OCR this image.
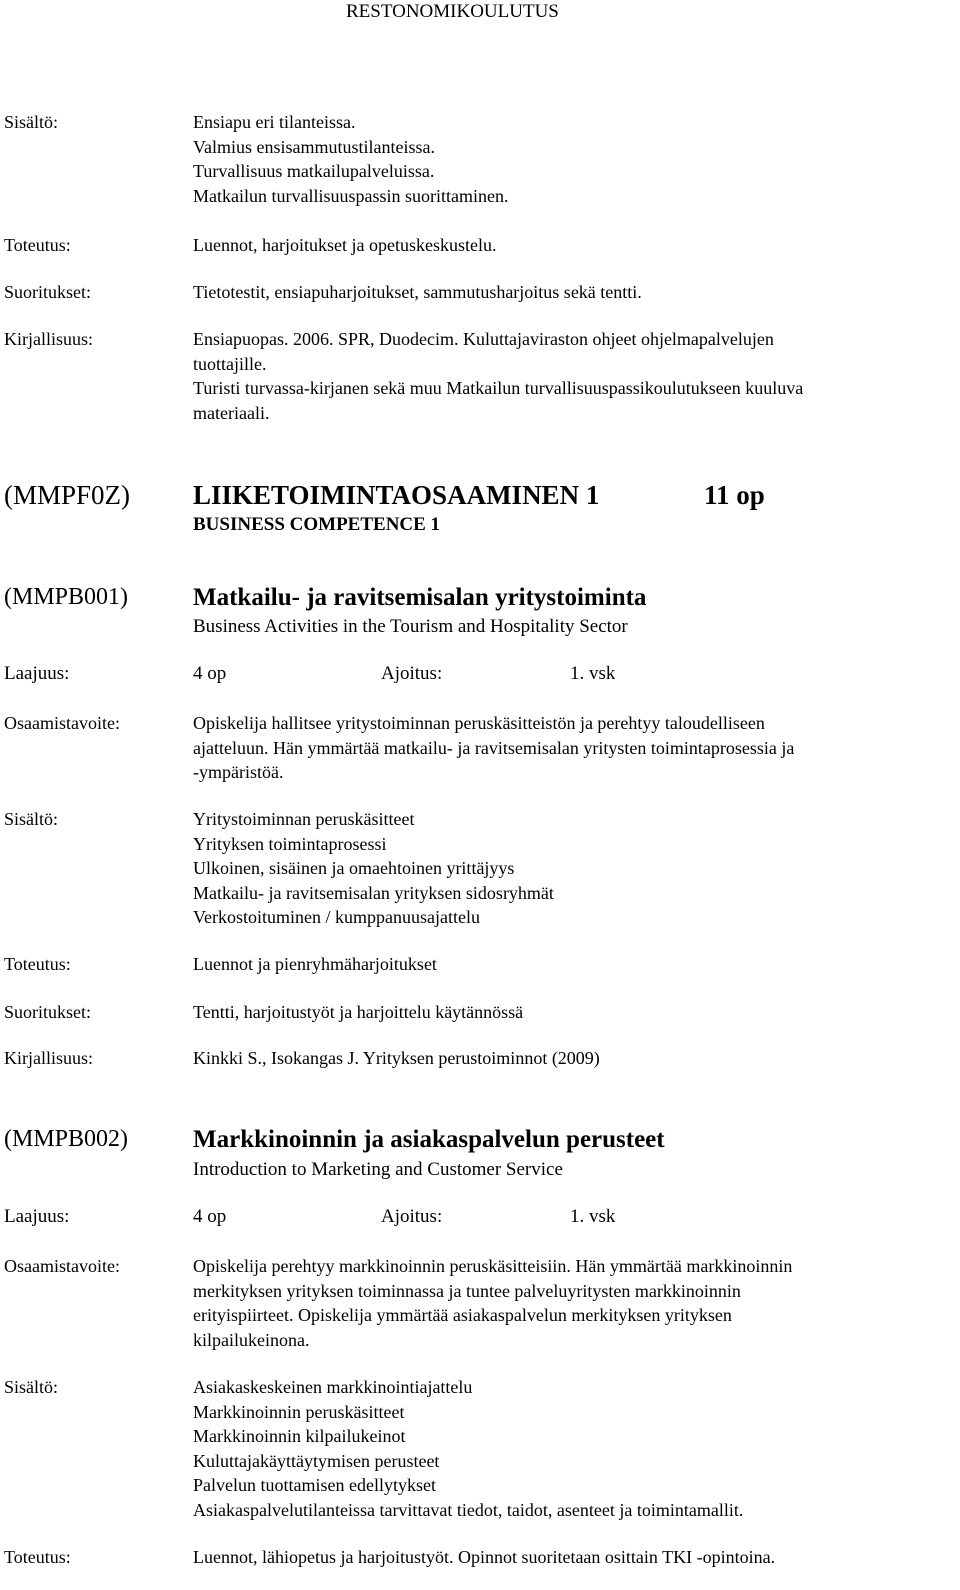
RESTONOMIKOULUTUS
Sisältö:	Ensiapu eri tilanteissa.
Valmius ensisammutustilanteissa.
Turvallisuus matkailupalveluissa.
Matkailun turvallisuuspassin suorittaminen.
Toteutus:	Luennot, harjoitukset ja opetuskeskustelu.
Suoritukset:	Tietotestit, ensiapuharjoitukset, sammutusharjoitus sekä tentti.
Kirjallisuus:	Ensiapuopas. 2006. SPR, Duodecim. Kuluttajaviraston ohjeet ohjelmapalvelujen
tuottajille.
Turisti turvassa-kirjanen sekä muu Matkailun turvallisuuspassikoulutukseen kuuluva
materiaali.
(MMPF0Z) LIIKETOIMINTAOSAAMINEN 1	11 op
BUSINESS COMPETENCE 1
(MMPB001)	Matkailu- ja ravitsemisalan yritystoiminta
Business Activities in the Tourism and Hospitality Sector
Laajuus:	4 op	Ajoitus:	1. vsk
Osaamistavoite:	Opiskelija hallitsee yritystoiminnan peruskäsitteistön ja perehtyy taloudelliseen
ajatteluun. Hän ymmärtää matkailu- ja ravitsemisalan yritysten toimintaprosessia ja
-ympäristöä.
Sisältö:	Yritystoiminnan peruskäsitteet
Yrityksen toimintaprosessi
Ulkoinen, sisäinen ja omaehtoinen yrittäjyys
Matkailu- ja ravitsemisalan yrityksen sidosryhmät
Verkostoituminen / kumppanuusajattelu
Toteutus:	Luennot ja pienryhmäharjoitukset
Suoritukset:	Tentti, harjoitustyöt ja harjoittelu käytännössä
Kirjallisuus:	Kinkki S., Isokangas J. Yrityksen perustoiminnot (2009)
(MMPB002)	Markkinoinnin ja asiakaspalvelun perusteet
Introduction to Marketing and Customer Service
Laajuus:	4 op	Ajoitus:	1. vsk
Osaamistavoite:	Opiskelija perehtyy markkinoinnin peruskäsitteisiin. Hän ymmärtää markkinoinnin
merkityksen yrityksen toiminnassa ja tuntee palveluyritysten markkinoinnin
erityispiirteet. Opiskelija ymmärtää asiakaspalvelun merkityksen yrityksen
kilpailukeinona.
Sisältö:	Asiakaskeskeinen markkinointiajattelu
Markkinoinnin peruskäsitteet
Markkinoinnin kilpailukeinot
Kuluttajakäyttäytymisen perusteet
Palvelun tuottamisen edellytykset
Asiakaspalvelutilanteissa tarvittavat tiedot, taidot, asenteet ja toimintamallit.
Toteutus:	Luennot, lähiopetus ja harjoitustyöt. Opinnot suoritetaan osittain TKI -opintoina.
